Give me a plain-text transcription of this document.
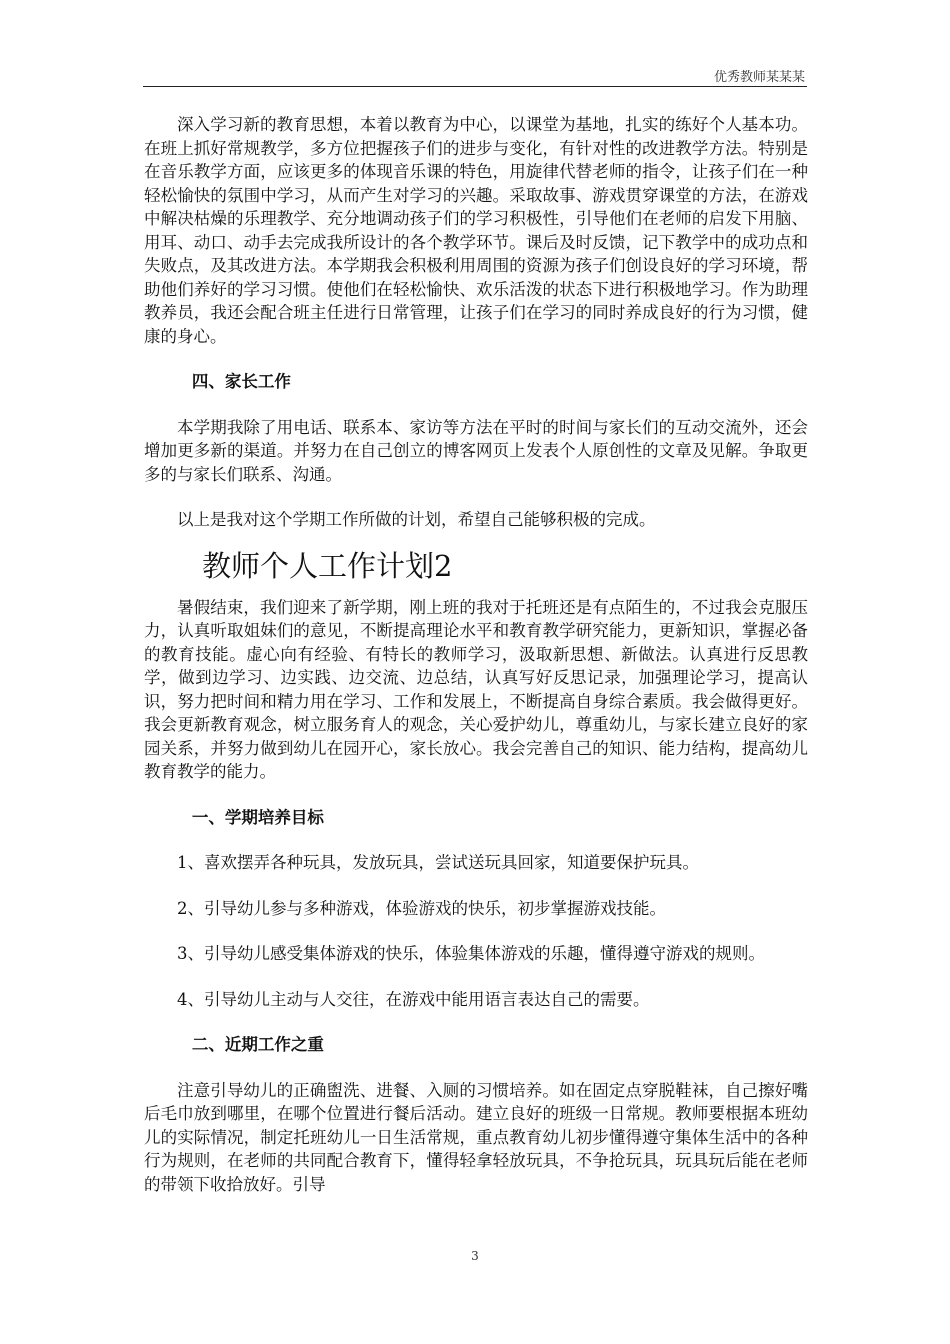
优秀教师某某某

深入学习新的教育思想，本着以教育为中心，以课堂为基地，扎实的练好个人基本功。在班上抓好常规教学，多方位把握孩子们的进步与变化，有针对性的改进教学方法。特别是在音乐教学方面，应该更多的体现音乐课的特色，用旋律代替老师的指令，让孩子们在一种轻松愉快的氛围中学习，从而产生对学习的兴趣。采取故事、游戏贯穿课堂的方法，在游戏中解决枯燥的乐理教学、充分地调动孩子们的学习积极性，引导他们在老师的启发下用脑、用耳、动口、动手去完成我所设计的各个教学环节。课后及时反馈，记下教学中的成功点和失败点，及其改进方法。本学期我会积极利用周围的资源为孩子们创设良好的学习环境，帮助他们养好的学习习惯。使他们在轻松愉快、欢乐活泼的状态下进行积极地学习。作为助理教养员，我还会配合班主任进行日常管理，让孩子们在学习的同时养成良好的行为习惯，健康的身心。

四、家长工作

本学期我除了用电话、联系本、家访等方法在平时的时间与家长们的互动交流外，还会增加更多新的渠道。并努力在自己创立的博客网页上发表个人原创性的文章及见解。争取更多的与家长们联系、沟通。

以上是我对这个学期工作所做的计划，希望自己能够积极的完成。

教师个人工作计划2

暑假结束，我们迎来了新学期，刚上班的我对于托班还是有点陌生的，不过我会克服压力，认真听取姐妹们的意见，不断提高理论水平和教育教学研究能力，更新知识，掌握必备的教育技能。虚心向有经验、有特长的教师学习，汲取新思想、新做法。认真进行反思教学，做到边学习、边实践、边交流、边总结，认真写好反思记录，加强理论学习，提高认识，努力把时间和精力用在学习、工作和发展上，不断提高自身综合素质。我会做得更好。我会更新教育观念，树立服务育人的观念，关心爱护幼儿，尊重幼儿，与家长建立良好的家园关系，并努力做到幼儿在园开心，家长放心。我会完善自己的知识、能力结构，提高幼儿教育教学的能力。

一、学期培养目标

1、喜欢摆弄各种玩具，发放玩具，尝试送玩具回家，知道要保护玩具。

2、引导幼儿参与多种游戏，体验游戏的快乐，初步掌握游戏技能。

3、引导幼儿感受集体游戏的快乐，体验集体游戏的乐趣，懂得遵守游戏的规则。

4、引导幼儿主动与人交往，在游戏中能用语言表达自己的需要。

二、近期工作之重

注意引导幼儿的正确盥洗、进餐、入厕的习惯培养。如在固定点穿脱鞋袜，自己擦好嘴后毛巾放到哪里，在哪个位置进行餐后活动。建立良好的班级一日常规。教师要根据本班幼儿的实际情况，制定托班幼儿一日生活常规，重点教育幼儿初步懂得遵守集体生活中的各种行为规则，在老师的共同配合教育下，懂得轻拿轻放玩具，不争抢玩具，玩具玩后能在老师的带领下收拾放好。引导

3
